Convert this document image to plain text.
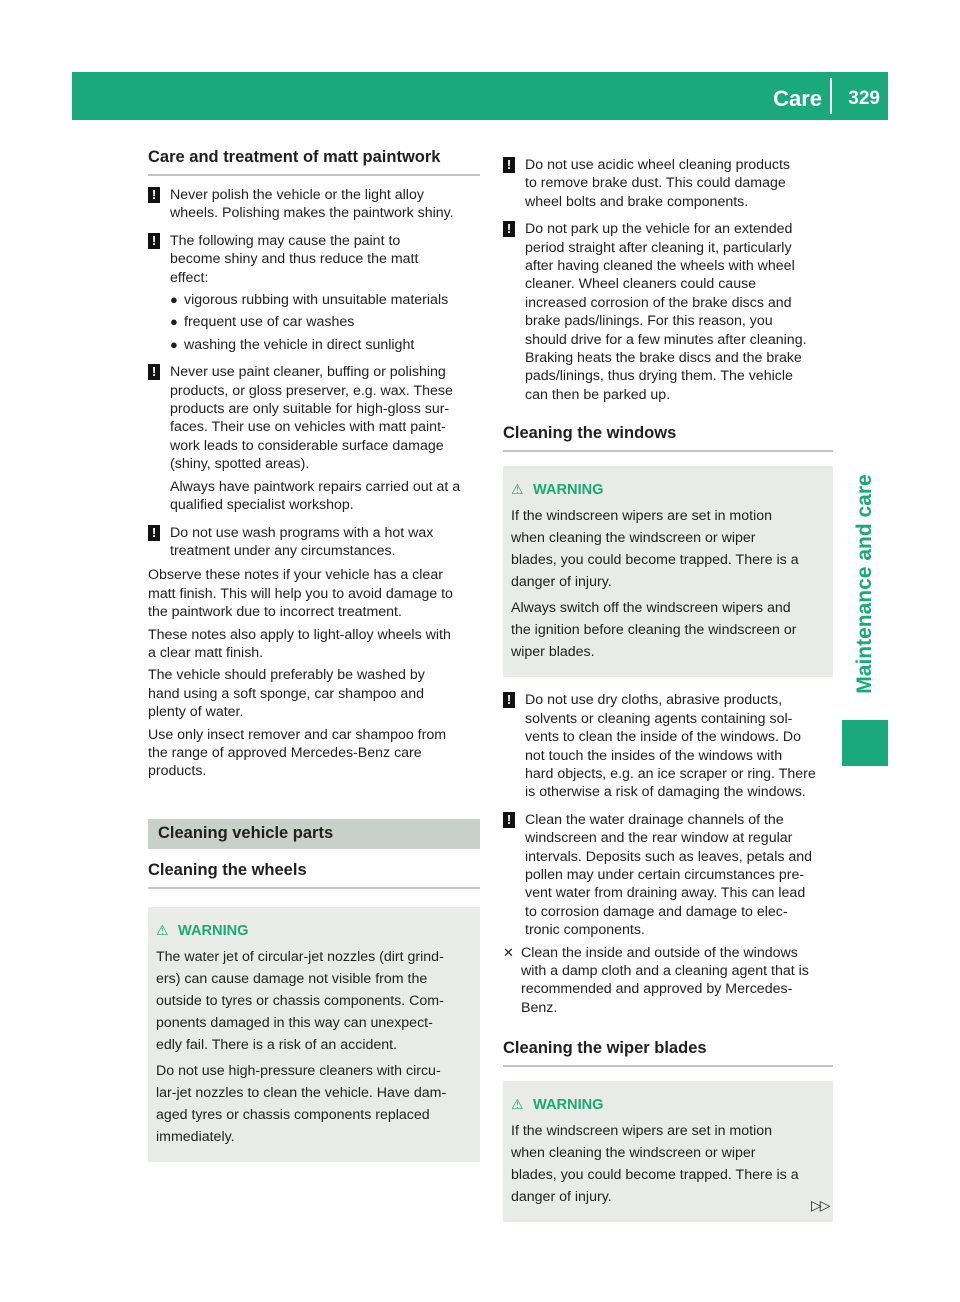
Care 329
Maintenance and care
Care and treatment of matt paintwork
! Never polish the vehicle or the light alloy
wheels. Polishing makes the paintwork shiny.
! The following may cause the paint to
become shiny and thus reduce the matt
effect:
● vigorous rubbing with unsuitable materials
● frequent use of car washes
● washing the vehicle in direct sunlight
! Never use paint cleaner, buffing or polishing
products, or gloss preserver, e.g. wax. These
products are only suitable for high-gloss sur-
faces. Their use on vehicles with matt paint-
work leads to considerable surface damage
(shiny, spotted areas).
Always have paintwork repairs carried out at a
qualified specialist workshop.
! Do not use wash programs with a hot wax
treatment under any circumstances.
Observe these notes if your vehicle has a clear
matt finish. This will help you to avoid damage to
the paintwork due to incorrect treatment.
These notes also apply to light-alloy wheels with
a clear matt finish.
The vehicle should preferably be washed by
hand using a soft sponge, car shampoo and
plenty of water.
Use only insect remover and car shampoo from
the range of approved Mercedes-Benz care
products.
Cleaning vehicle parts
Cleaning the wheels
⚠ WARNING

The water jet of circular-jet nozzles (dirt grind-
ers) can cause damage not visible from the
outside to tyres or chassis components. Com-
ponents damaged in this way can unexpect-
edly fail. There is a risk of an accident.

Do not use high-pressure cleaners with circu-
lar-jet nozzles to clean the vehicle. Have dam-
aged tyres or chassis components replaced
immediately.

! Do not use acidic wheel cleaning products
to remove brake dust. This could damage
wheel bolts and brake components.
! Do not park up the vehicle for an extended
period straight after cleaning it, particularly
after having cleaned the wheels with wheel
cleaner. Wheel cleaners could cause
increased corrosion of the brake discs and
brake pads/linings. For this reason, you
should drive for a few minutes after cleaning.
Braking heats the brake discs and the brake
pads/linings, thus drying them. The vehicle
can then be parked up.
Cleaning the windows
⚠ WARNING

If the windscreen wipers are set in motion
when cleaning the windscreen or wiper
blades, you could become trapped. There is a
danger of injury.

Always switch off the windscreen wipers and
the ignition before cleaning the windscreen or
wiper blades.

! Do not use dry cloths, abrasive products,
solvents or cleaning agents containing sol-
vents to clean the inside of the windows. Do
not touch the insides of the windows with
hard objects, e.g. an ice scraper or ring. There
is otherwise a risk of damaging the windows.
! Clean the water drainage channels of the
windscreen and the rear window at regular
intervals. Deposits such as leaves, petals and
pollen may under certain circumstances pre-
vent water from draining away. This can lead
to corrosion damage and damage to elec-
tronic components.
✕ Clean the inside and outside of the windows
with a damp cloth and a cleaning agent that is
recommended and approved by Mercedes-
Benz.
Cleaning the wiper blades
⚠ WARNING

If the windscreen wipers are set in motion
when cleaning the windscreen or wiper
blades, you could become trapped. There is a
danger of injury.	▷▷
